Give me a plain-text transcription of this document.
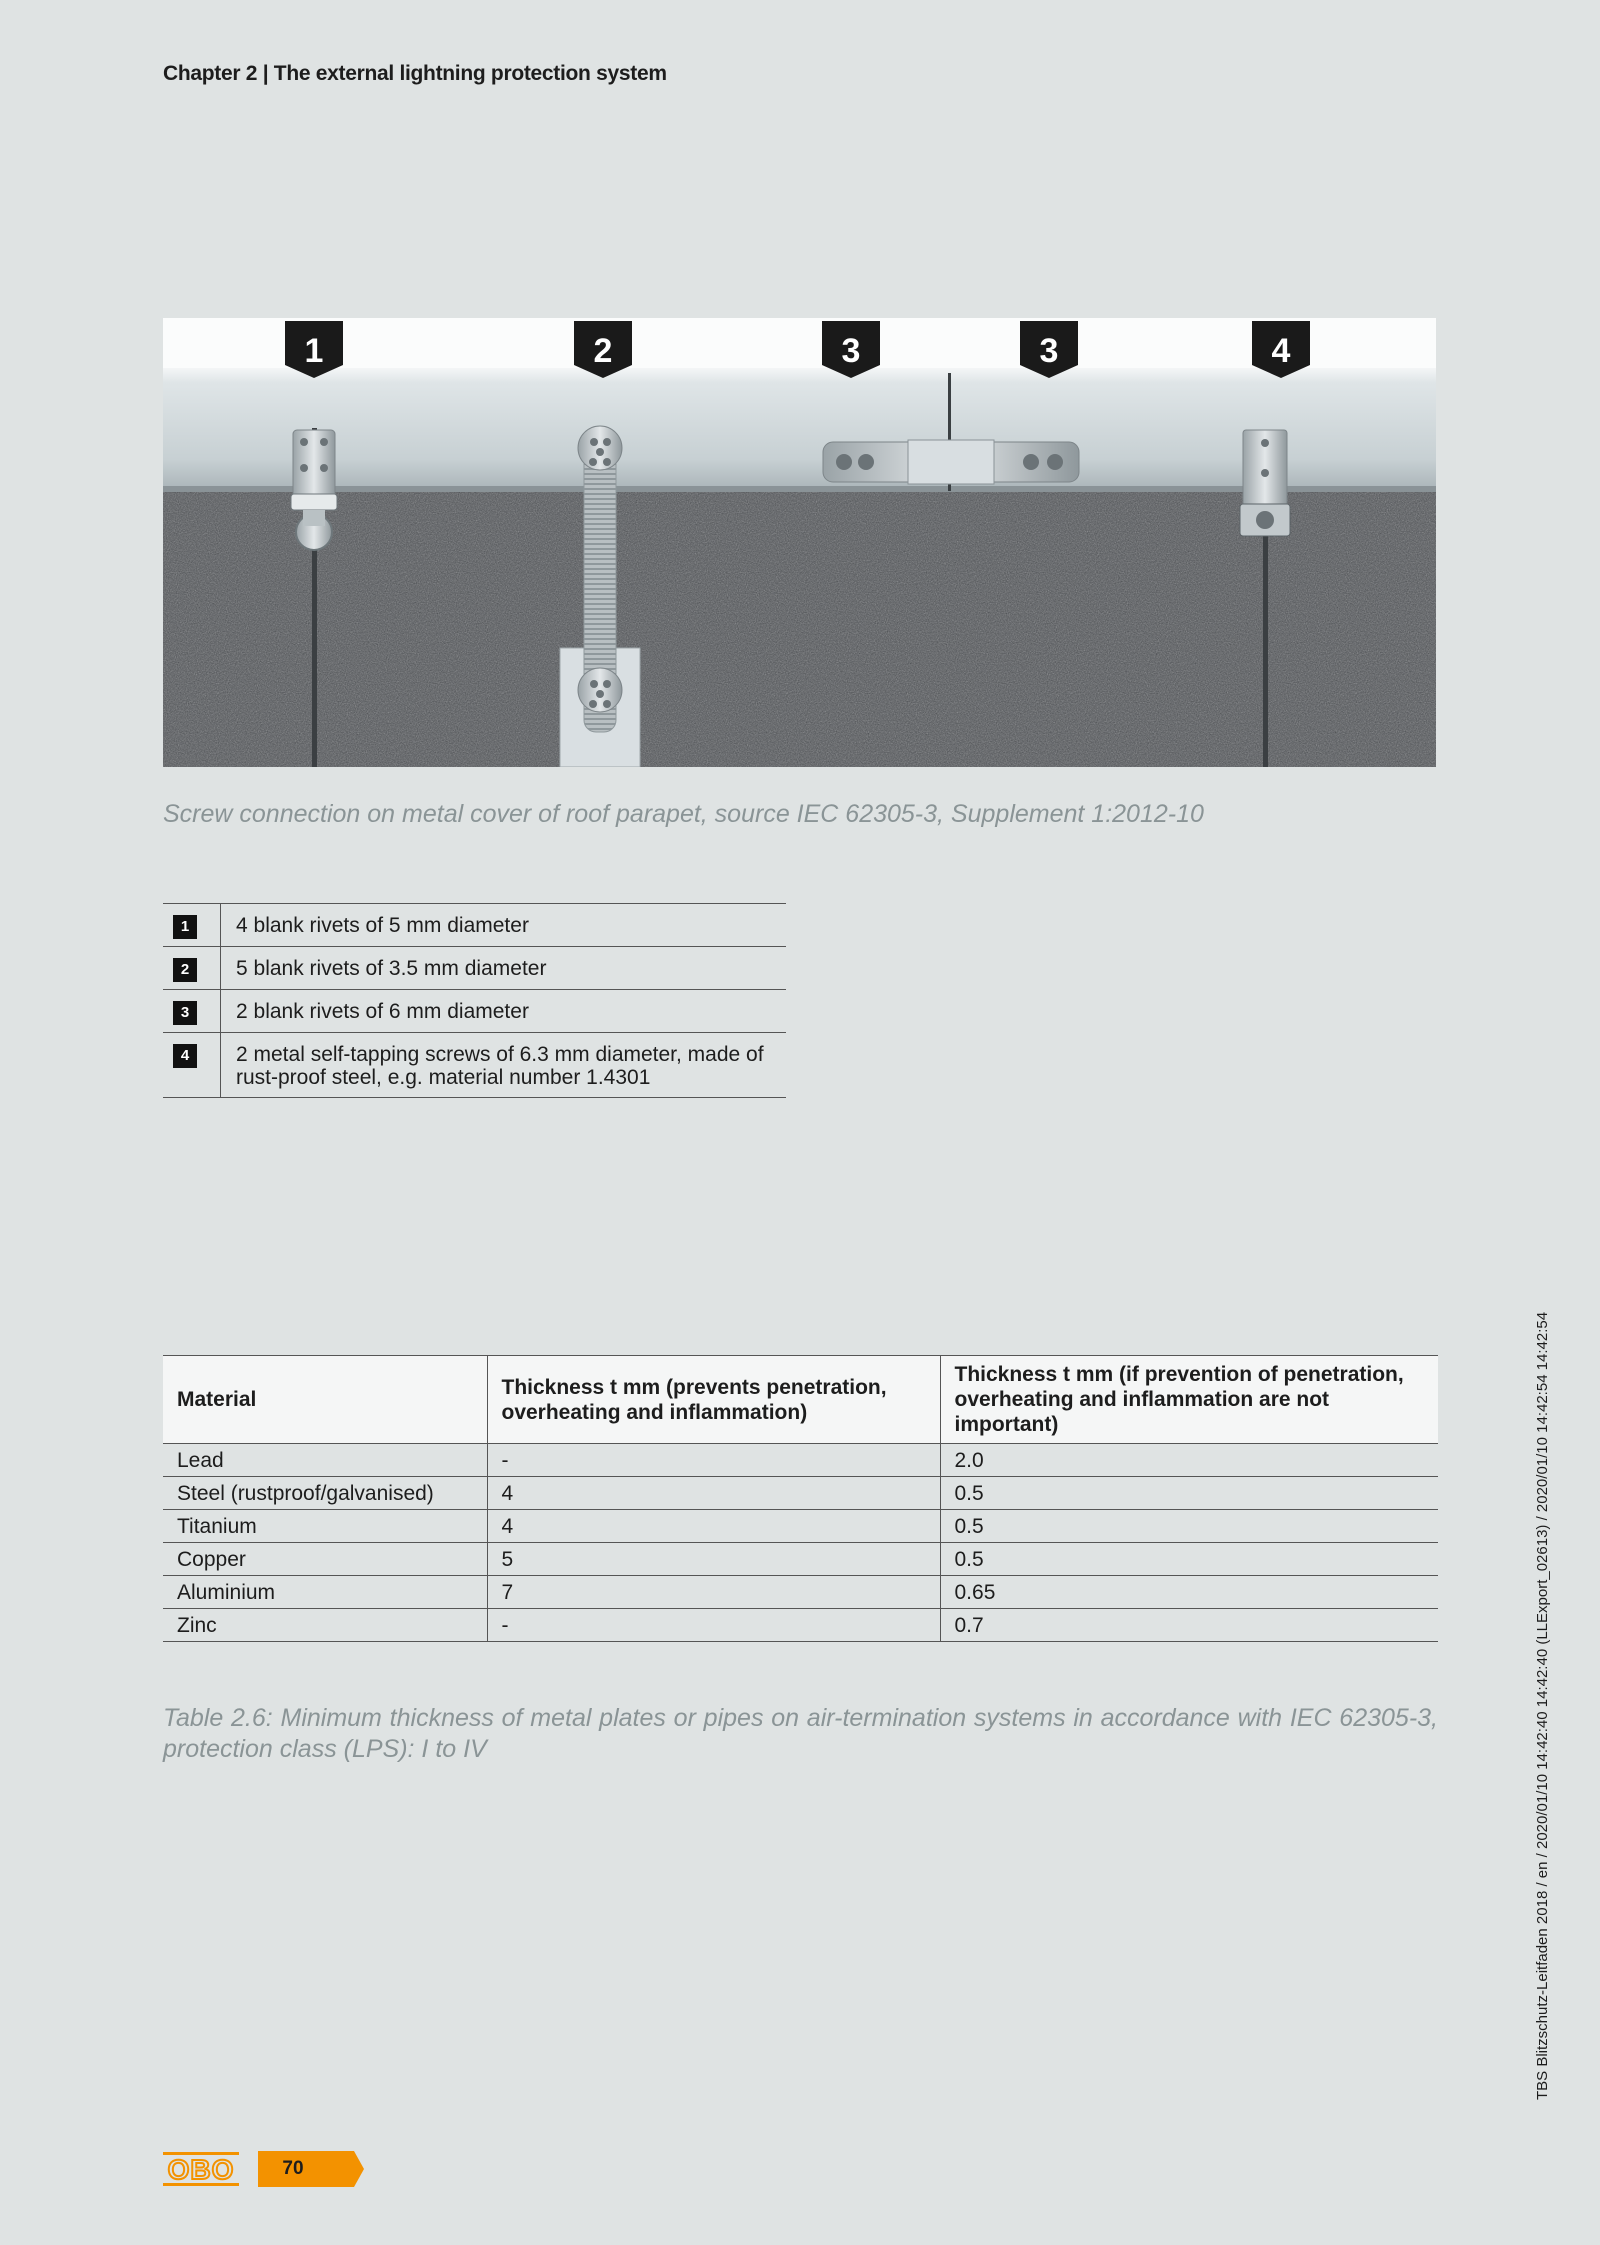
Chapter 2 | The external lightning protection system
1	2	3	3	4
Screw connection on metal cover of roof parapet, source IEC 62305-3, Supplement 1:2012-10
1	4 blank rivets of 5 mm diameter
2	5 blank rivets of 3.5 mm diameter
3	2 blank rivets of 6 mm diameter
4	2 metal self-tapping screws of 6.3 mm diameter, made of rust-proof steel, e.g. material number 1.4301
Material	Thickness t mm (prevents penetration, overheating and inflammation)	Thickness t mm (if prevention of penetration, overheating and inflammation are not important)
Lead	-	2.0
Steel (rustproof/galvanised)	4	0.5
Titanium	4	0.5
Copper	5	0.5
Aluminium	7	0.65
Zinc	-	0.7
Table 2.6: Minimum thickness of metal plates or pipes on air-termination systems in accordance with IEC 62305-3, protection class (LPS): I to IV	TBS Blitzschutz-Leitfaden 2018 / en / 2020/01/10 14:42:40 14:42:40 (LLExport_02613) / 2020/01/10 14:42:54 14:42:54
OBO	70
